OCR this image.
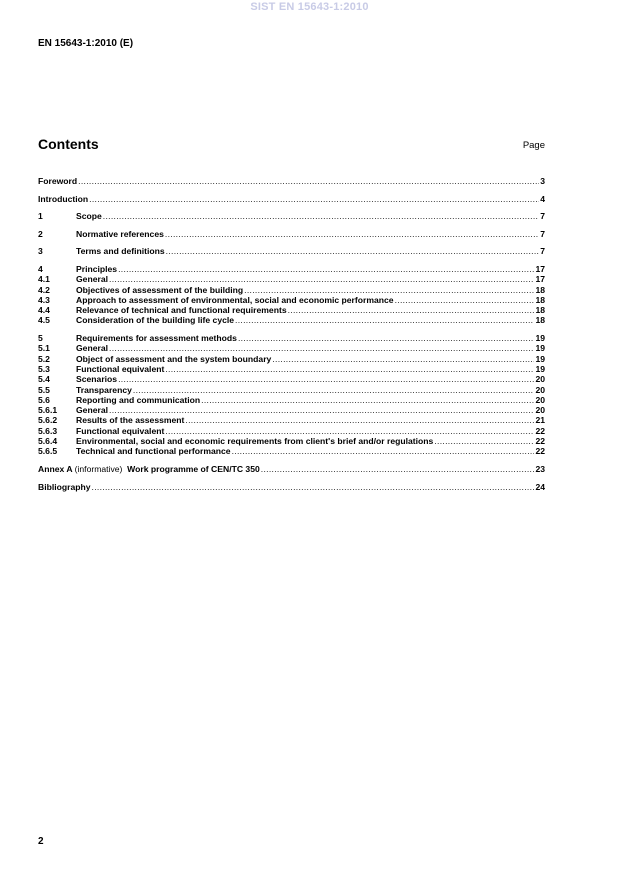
SIST EN 15643-1:2010
EN 15643-1:2010 (E)
Contents	Page
Foreword .....	3
Introduction .....	4
1	Scope .....	7
2	Normative references .....	7
3	Terms and definitions .....	7
4	Principles .....	17
4.1	General .....	17
4.2	Objectives of assessment of the building .....	18
4.3	Approach to assessment of environmental, social and economic performance .....	18
4.4	Relevance of technical and functional requirements .....	18
4.5	Consideration of the building life cycle .....	18
5	Requirements for assessment methods .....	19
5.1	General .....	19
5.2	Object of assessment and the system boundary .....	19
5.3	Functional equivalent .....	19
5.4	Scenarios .....	20
5.5	Transparency .....	20
5.6	Reporting and communication .....	20
5.6.1	General .....	20
5.6.2	Results of the assessment .....	21
5.6.3	Functional equivalent .....	22
5.6.4	Environmental, social and economic requirements from client's brief and/or regulations .....	22
5.6.5	Technical and functional performance .....	22
Annex A (informative) Work programme of CEN/TC 350 .....	23
Bibliography .....	24
2
